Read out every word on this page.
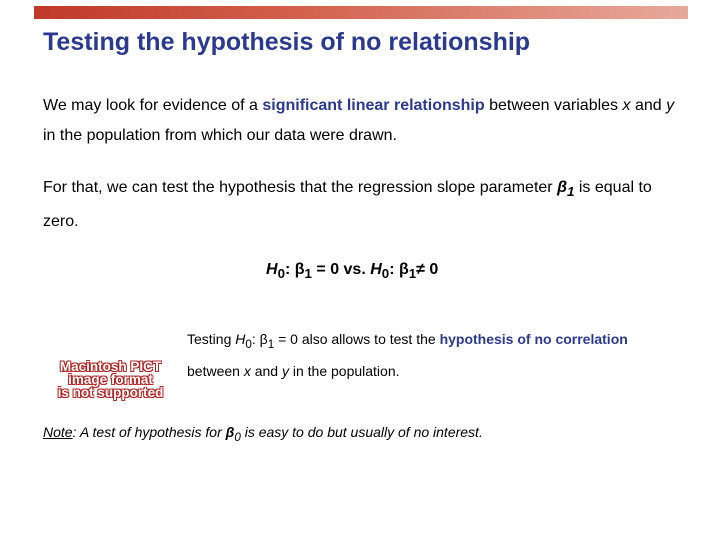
Testing the hypothesis of no relationship
We may look for evidence of a significant linear relationship between variables x and y in the population from which our data were drawn.
For that, we can test the hypothesis that the regression slope parameter $\beta_1$ is equal to zero.
$H_0$: $\beta_1 = 0$ vs. $H_0$: $\beta_1\ne 0$
Macintosh PICT
image format
is not supported
Testing $H_0$: $\beta_1 = 0$ also allows to test the hypothesis of no correlation between x and y in the population.
Note: A test of hypothesis for $\beta_0$ is easy to do but usually of no interest.
